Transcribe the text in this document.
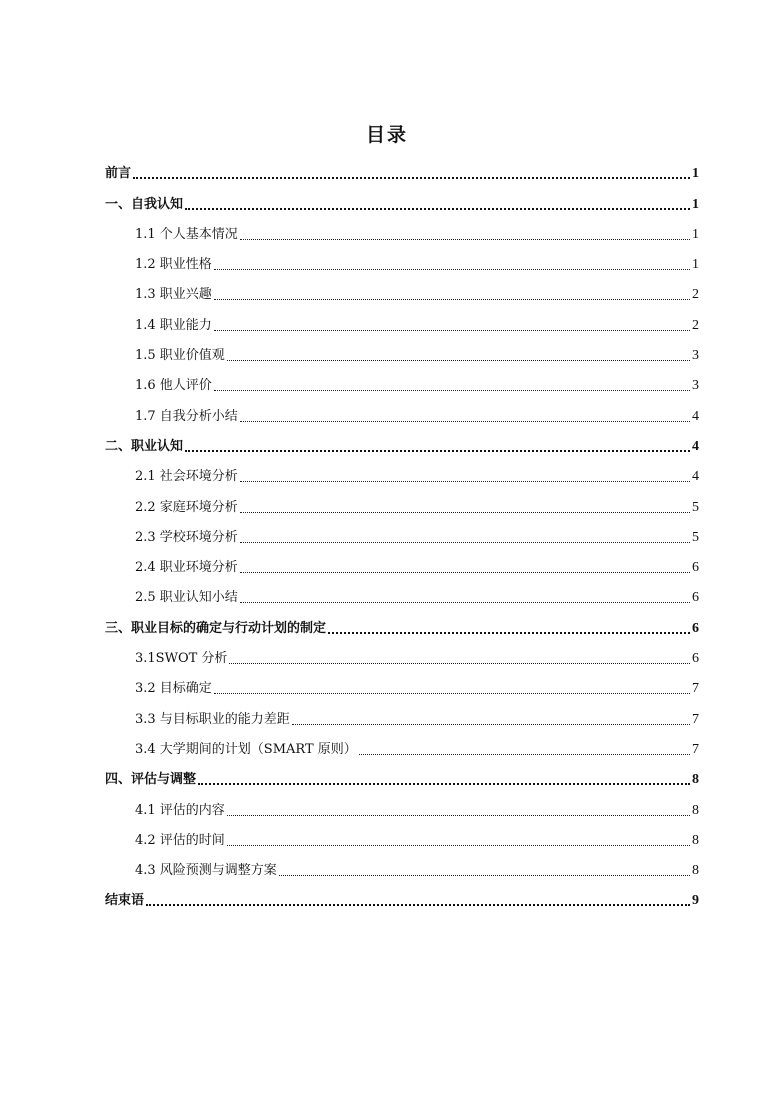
目录
前言	1
一、自我认知	1
1.1 个人基本情况	1
1.2 职业性格	1
1.3 职业兴趣	2
1.4 职业能力	2
1.5 职业价值观	3
1.6 他人评价	3
1.7 自我分析小结	4
二、职业认知	4
2.1 社会环境分析	4
2.2 家庭环境分析	5
2.3 学校环境分析	5
2.4 职业环境分析	6
2.5 职业认知小结	6
三、职业目标的确定与行动计划的制定	6
3.1SWOT 分析	6
3.2 目标确定	7
3.3 与目标职业的能力差距	7
3.4 大学期间的计划（SMART 原则）	7
四、评估与调整	8
4.1 评估的内容	8
4.2 评估的时间	8
4.3 风险预测与调整方案	8
结束语	9
